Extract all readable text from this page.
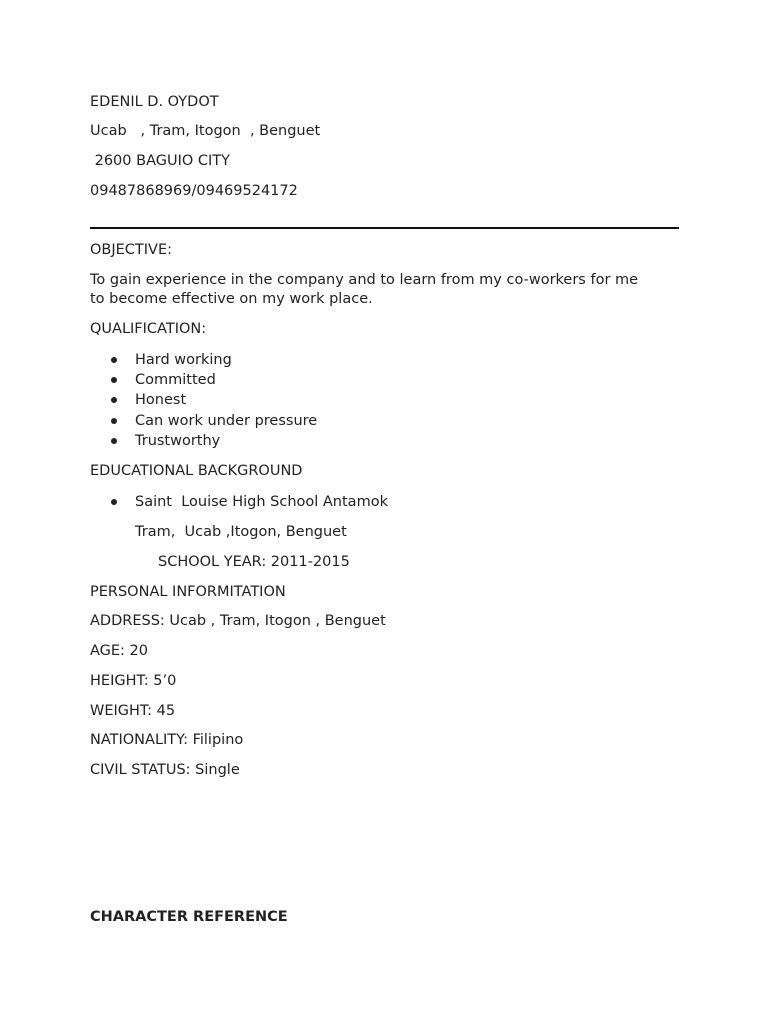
EDENIL D. OYDOT
Ucab   , Tram, Itogon  , Benguet
2600 BAGUIO CITY
09487868969/09469524172
OBJECTIVE:
To gain experience in the company and to learn from my co-workers for me
to become effective on my work place.
QUALIFICATION:

Hard working

Committed

Honest

Can work under pressure

Trustworthy

EDUCATIONAL BACKGROUND

Saint  Louise High School Antamok

Tram,  Ucab ,Itogon, Benguet
SCHOOL YEAR: 2011-2015
PERSONAL INFORMITATION
ADDRESS: Ucab , Tram, Itogon , Benguet
AGE: 20
HEIGHT: 5’0
WEIGHT: 45
NATIONALITY: Filipino
CIVIL STATUS: Single
CHARACTER REFERENCE
